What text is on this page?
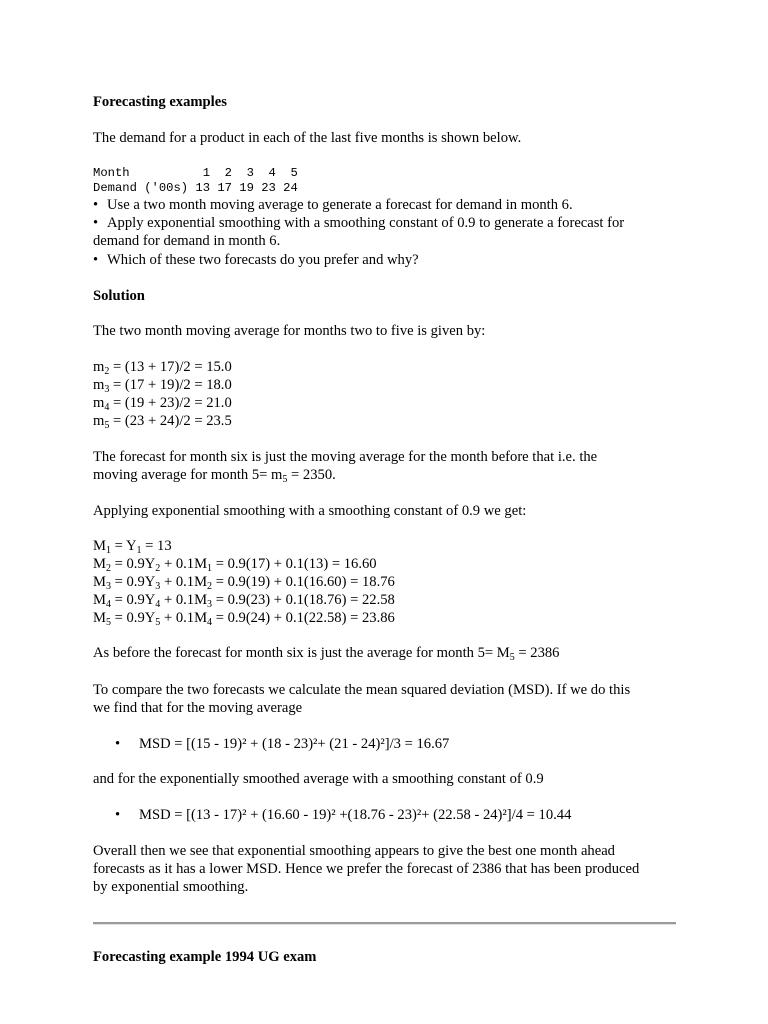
Forecasting examples
The demand for a product in each of the last five months is shown below.
Month          1  2  3  4  5
Demand ('00s) 13 17 19 23 24
• Use a two month moving average to generate a forecast for demand in month 6.
• Apply exponential smoothing with a smoothing constant of 0.9 to generate a forecast for
demand for demand in month 6.
• Which of these two forecasts do you prefer and why?
Solution
The two month moving average for months two to five is given by:
$m_2 = (13 + 17)/2 = 15.0$
$m_3 = (17 + 19)/2 = 18.0$
$m_4 = (19 + 23)/2 = 21.0$
$m_5 = (23 + 24)/2 = 23.5$
The forecast for month six is just the moving average for the month before that i.e. the
moving average for month $5= m_5 = 2350$.
Applying exponential smoothing with a smoothing constant of 0.9 we get:
$M_1 = Y_1 = 13$
$M_2 = 0.9Y_2 + 0.1M_1 = 0.9(17) + 0.1(13) = 16.60$
$M_3 = 0.9Y_3 + 0.1M_2 = 0.9(19) + 0.1(16.60) = 18.76$
$M_4 = 0.9Y_4 + 0.1M_3 = 0.9(23) + 0.1(18.76) = 22.58$
$M_5 = 0.9Y_5 + 0.1M_4 = 0.9(24) + 0.1(22.58) = 23.86$
As before the forecast for month six is just the average for month $5= M_5 = 2386$
To compare the two forecasts we calculate the mean squared deviation (MSD). If we do this
we find that for the moving average
• MSD = [(15 - 19)² + (18 - 23)²+ (21 - 24)²]/3 = 16.67
and for the exponentially smoothed average with a smoothing constant of 0.9
• MSD = [(13 - 17)² + (16.60 - 19)² +(18.76 - 23)²+ (22.58 - 24)²]/4 = 10.44
Overall then we see that exponential smoothing appears to give the best one month ahead
forecasts as it has a lower MSD. Hence we prefer the forecast of 2386 that has been produced
by exponential smoothing.
Forecasting example 1994 UG exam
